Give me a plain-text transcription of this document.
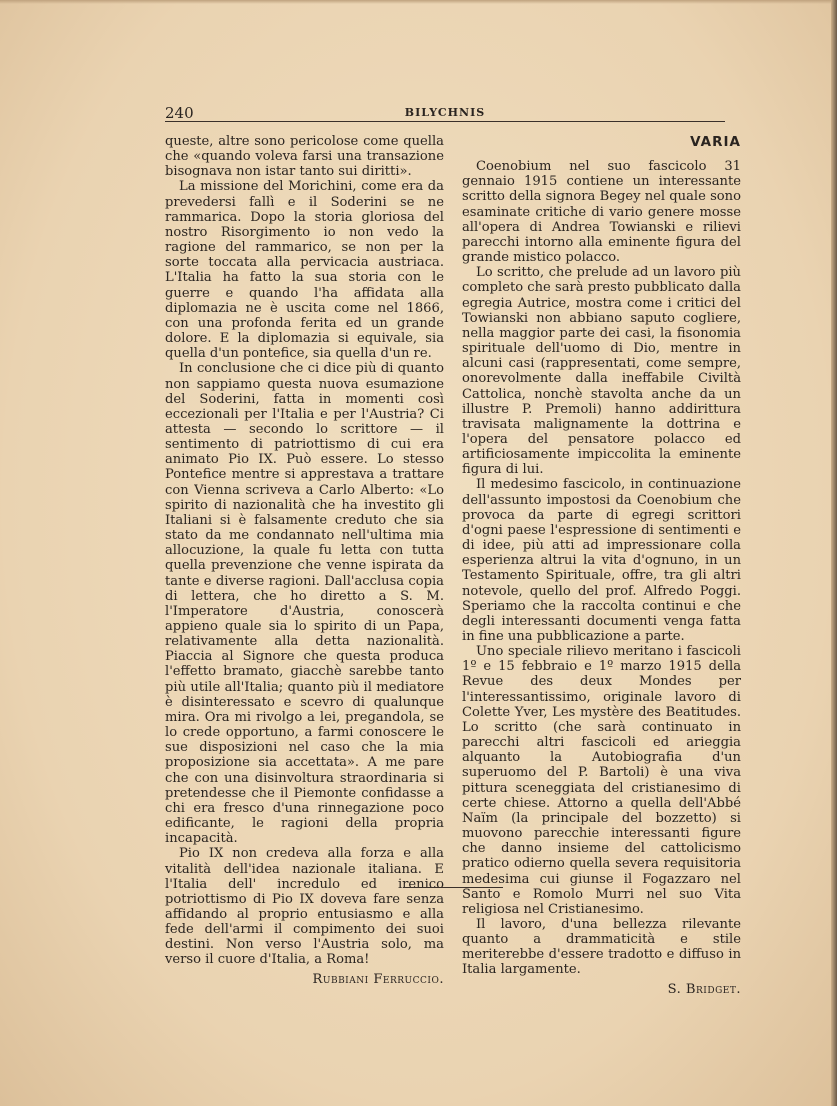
240	BILYCHNIS

queste, altre sono pericolose come quella che «quando voleva farsi una transazione bisognava non istar tanto sui diritti».

La missione del Morichini, come era da prevedersi fallì e il Soderini se ne rammarica. Dopo la storia gloriosa del nostro Risorgimento io non vedo la ragione del rammarico, se non per la sorte toccata alla pervicacia austriaca. L'Italia ha fatto la sua storia con le guerre e quando l'ha affidata alla diplomazia ne è uscita come nel 1866, con una profonda ferita ed un grande dolore. E la diplomazia si equivale, sia quella d'un pontefice, sia quella d'un re.

In conclusione che ci dice più di quanto non sappiamo questa nuova esumazione del Soderini, fatta in momenti così eccezionali per l'Italia e per l'Austria? Ci attesta — secondo lo scrittore — il sentimento di patriottismo di cui era animato Pio IX. Può essere. Lo stesso Pontefice mentre si apprestava a trattare con Vienna scriveva a Carlo Alberto: «Lo spirito di nazionalità che ha investito gli Italiani si è falsamente creduto che sia stato da me condannato nell'ultima mia allocuzione, la quale fu letta con tutta quella prevenzione che venne ispirata da tante e diverse ragioni. Dall'acclusa copia di lettera, che ho diretto a S. M. l'Imperatore d'Austria, conoscerà appieno quale sia lo spirito di un Papa, relativamente alla detta nazionalità. Piaccia al Signore che questa produca l'effetto bramato, giacchè sarebbe tanto più utile all'Italia; quanto più il mediatore è disinteressato e scevro di qualunque mira. Ora mi rivolgo a lei, pregandola, se lo crede opportuno, a farmi conoscere le sue disposizioni nel caso che la mia proposizione sia accettata». A me pare che con una disinvoltura straordinaria si pretendesse che il Piemonte confidasse a chi era fresco d'una rinnegazione poco edificante, le ragioni della propria incapacità.

Pio IX non credeva alla forza e alla vitalità dell'idea nazionale italiana. E l'Italia dell' incredulo ed irenico potriottismo di Pio IX doveva fare senza affidando al proprio entusiasmo e alla fede dell'armi il compimento dei suoi destini. Non verso l'Austria solo, ma verso il cuore d'Italia, a Roma!

Rubbiani Ferruccio.
VARIA

Coenobium nel suo fascicolo 31 gennaio 1915 contiene un interessante scritto della signora Begey nel quale sono esaminate critiche di vario genere mosse all'opera di Andrea Towianski e rilievi parecchi intorno alla eminente figura del grande mistico polacco.

Lo scritto, che prelude ad un lavoro più completo che sarà presto pubblicato dalla egregia Autrice, mostra come i critici del Towianski non abbiano saputo cogliere, nella maggior parte dei casi, la fisonomia spirituale dell'uomo di Dio, mentre in alcuni casi (rappresentati, come sempre, onorevolmente dalla ineffabile Civiltà Cattolica, nonchè stavolta anche da un illustre P. Premoli) hanno addirittura travisata malignamente la dottrina e l'opera del pensatore polacco ed artificiosamente impiccolita la eminente figura di lui.

Il medesimo fascicolo, in continuazione dell'assunto impostosi da Coenobium che provoca da parte di egregi scrittori d'ogni paese l'espressione di sentimenti e di idee, più atti ad impressionare colla esperienza altrui la vita d'ognuno, in un Testamento Spirituale, offre, tra gli altri notevole, quello del prof. Alfredo Poggi. Speriamo che la raccolta continui e che degli interessanti documenti venga fatta in fine una pubblicazione a parte.

Uno speciale rilievo meritano i fascicoli 1º e 15 febbraio e 1º marzo 1915 della Revue des deux Mondes per l'interessantissimo, originale lavoro di Colette Yver, Les mystère des Beatitudes. Lo scritto (che sarà continuato in parecchi altri fascicoli ed arieggia alquanto la Autobiografia d'un superuomo del P. Bartoli) è una viva pittura sceneggiata del cristianesimo di certe chiese. Attorno a quella dell'Abbé Naïm (la principale del bozzetto) si muovono parecchie interessanti figure che danno insieme del cattolicismo pratico odierno quella severa requisitoria medesima cui giunse il Fogazzaro nel Santo e Romolo Murri nel suo Vita religiosa nel Cristianesimo.

Il lavoro, d'una bellezza rilevante quanto a drammaticità e stile meriterebbe d'essere tradotto e diffuso in Italia largamente.

S. Bridget.
